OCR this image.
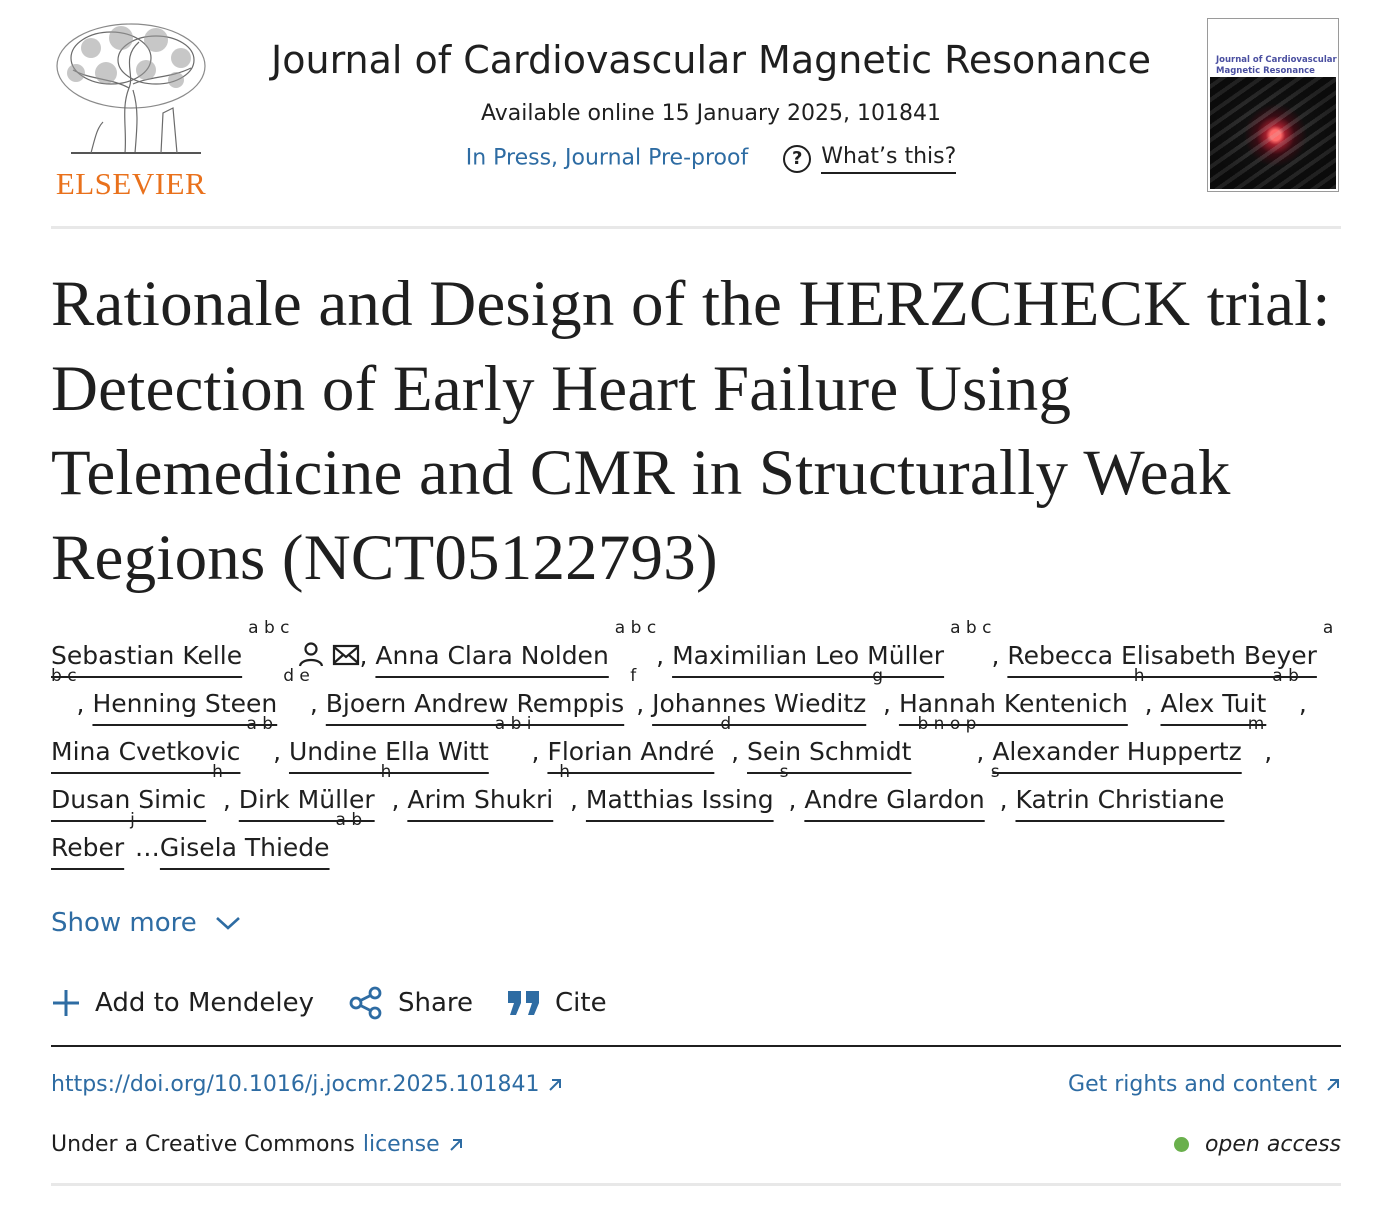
ELSEVIER
Journal of Cardiovascular Magnetic Resonance
Available online 15 January 2025, 101841
In Press, Journal Pre-proof	? What’s this?
Journal of Cardiovascular Magnetic Resonance
Rationale and Design of the HERZCHECK trial: Detection of Early Heart Failure Using Telemedicine and CMR in Structurally Weak Regions (NCT05122793)
Sebastian Kelle$^{a b c}$, Anna Clara Nolden$^{a b c}$, Maximilian Leo Müller$^{a b c}$, Rebecca Elisabeth Beyer$^{a b c}$, Henning Steen$^{d e}$, Bjoern Andrew Remppis$^f$, Johannes Wieditz$^g$, Hannah Kentenich$^h$, Alex Tuit$^{a b}$, Mina Cvetkovic$^{a b}$, Undine Ella Witt$^{a b i}$, Florian André$^d$, Sein Schmidt$^{b n o p}$, Alexander Huppertz$^m$, Dusan Simic$^h$, Dirk Müller$^h$, Arim Shukri$^h$, Matthias Issing$^s$, Andre Glardon$^s$, Katrin Christiane Reber$^j$…Gisela Thiede$^{a b}$
Show more
Add to Mendeley	Share	Cite
https://doi.org/10.1016/j.jocmr.2025.101841	Get rights and content
Under a Creative Commons license	open access
